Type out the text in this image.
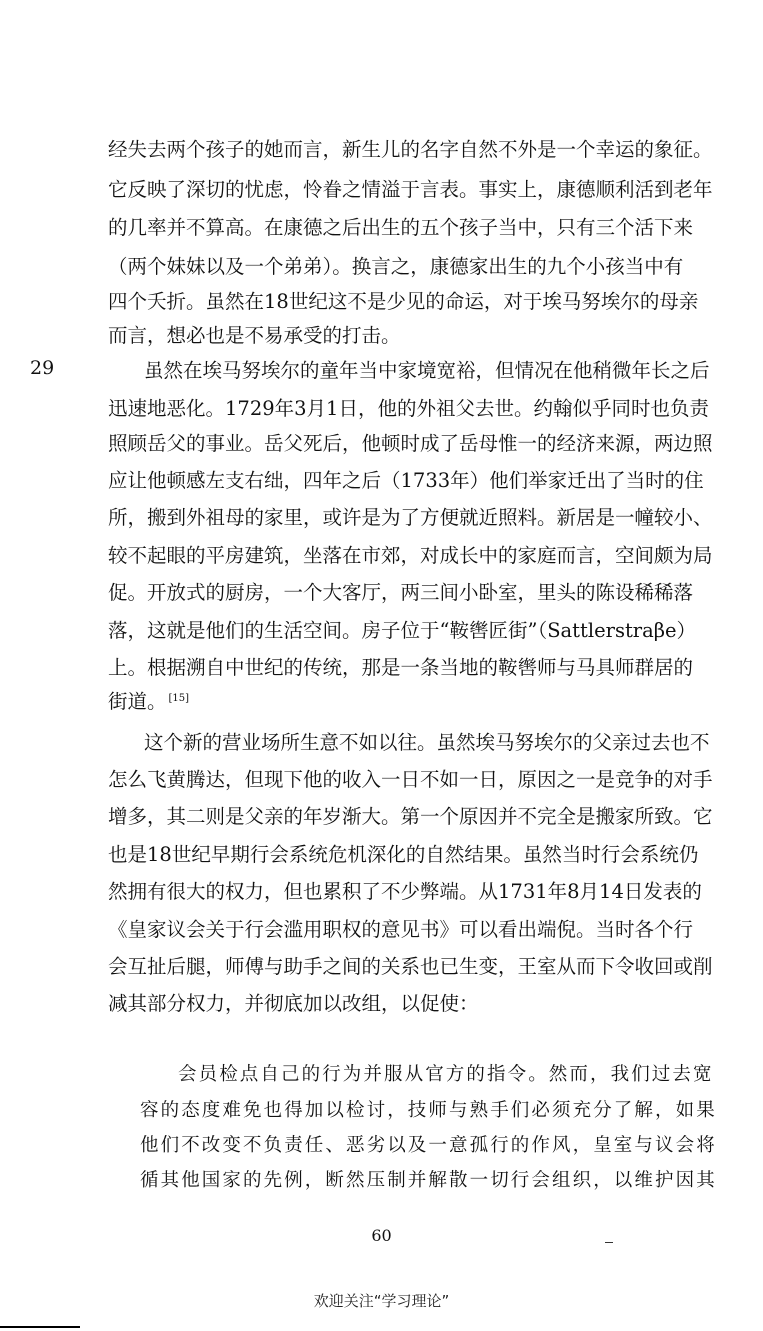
经失去两个孩子的她而言，新生儿的名字自然不外是一个幸运的象征。
它反映了深切的忧虑，怜眷之情溢于言表。事实上，康德顺利活到老年
的几率并不算高。在康德之后出生的五个孩子当中，只有三个活下来
（两个妹妹以及一个弟弟）。换言之，康德家出生的九个小孩当中有
四个夭折。虽然在18世纪这不是少见的命运，对于埃马努埃尔的母亲
而言，想必也是不易承受的打击。
29	虽然在埃马努埃尔的童年当中家境宽裕，但情况在他稍微年长之后
迅速地恶化。1729年3月1日，他的外祖父去世。约翰似乎同时也负责
照顾岳父的事业。岳父死后，他顿时成了岳母惟一的经济来源，两边照
应让他顿感左支右绌，四年之后（1733年）他们举家迁出了当时的住
所，搬到外祖母的家里，或许是为了方便就近照料。新居是一幢较小、
较不起眼的平房建筑，坐落在市郊，对成长中的家庭而言，空间颇为局
促。开放式的厨房，一个大客厅，两三间小卧室，里头的陈设稀稀落
落，这就是他们的生活空间。房子位于“鞍辔匠街”（Sattlerstraβe）
上。根据溯自中世纪的传统，那是一条当地的鞍辔师与马具师群居的
街道。 [15]
这个新的营业场所生意不如以往。虽然埃马努埃尔的父亲过去也不
怎么飞黄腾达，但现下他的收入一日不如一日，原因之一是竞争的对手
增多，其二则是父亲的年岁渐大。第一个原因并不完全是搬家所致。它
也是18世纪早期行会系统危机深化的自然结果。虽然当时行会系统仍
然拥有很大的权力，但也累积了不少弊端。从1731年8月14日发表的
《皇家议会关于行会滥用职权的意见书》可以看出端倪。当时各个行
会互扯后腿，师傅与助手之间的关系也已生变，王室从而下令收回或削
减其部分权力，并彻底加以改组，以促使：
会员检点自己的行为并服从官方的指令。然而，我们过去宽
容的态度难免也得加以检讨，技师与熟手们必须充分了解，如果
他们不改变不负责任、恶劣以及一意孤行的作风，皇室与议会将
循其他国家的先例，断然压制并解散一切行会组织，以维护因其
60
欢迎关注“学习理论”
